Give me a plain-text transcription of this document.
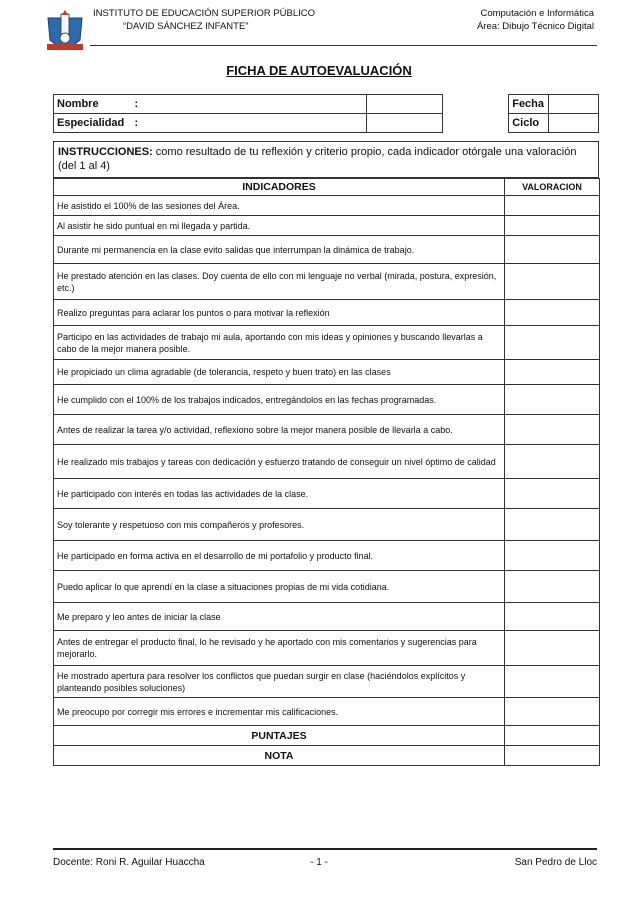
INSTITUTO DE EDUCACIÓN SUPERIOR PÚBLICO
“DAVID SÁNCHEZ INFANTE”
Computación e Informática
Área: Dibujo Técnico Digital
FICHA DE AUTOEVALUACIÓN
Nombre	:			Fecha	
Especialidad	:			Ciclo	
INSTRUCCIONES: como resultado de tu reflexión y criterio propio, cada indicador otórgale una valoración (del 1 al 4)
INDICADORES	VALORACION
He asistido el 100% de las sesiones del Área.	
Al asistir he sido puntual en mi llegada y partida.	
Durante mi permanencia en la clase evito salidas que interrumpan la dinámica de trabajo.	
He prestado atención en las clases. Doy cuenta de ello con mi lenguaje no verbal (mirada, postura, expresión, etc.)	
Realizo preguntas para aclarar los puntos o para motivar la reflexión	
Participo en las actividades de trabajo mi aula, aportando con mis ideas y opiniones y buscando llevarlas a cabo de la mejor manera posible.	
He propiciado un clima agradable (de tolerancia, respeto y buen trato) en las clases	
He cumplido con el 100% de los trabajos indicados, entregándolos en las fechas programadas.	
Antes de realizar la tarea y/o actividad, reflexiono sobre la mejor manera posible de llevarla a cabo.	
He realizado mis trabajos y tareas con dedicación y esfuerzo tratando de conseguir un nivel óptimo de calidad	
He participado con interés en todas las actividades de la clase.	
Soy tolerante y respetuoso con mis compañeros y profesores.	
He participado en forma activa en el desarrollo de mi portafolio y producto final.	
Puedo aplicar lo que aprendí en la clase a situaciones propias de mi vida cotidiana.	
Me preparo y leo antes de iniciar la clase	
Antes de entregar el producto final, lo he revisado y he aportado con mis comentarios y sugerencias para mejorarlo.	
He mostrado apertura para resolver los conflictos que puedan surgir en clase (haciéndolos explícitos y planteando posibles soluciones)	
Me preocupo por corregir mis errores e incrementar mis calificaciones.	
PUNTAJES	
NOTA	
Docente: Roni R. Aguilar Huaccha	- 1 -	San Pedro de Lloc
